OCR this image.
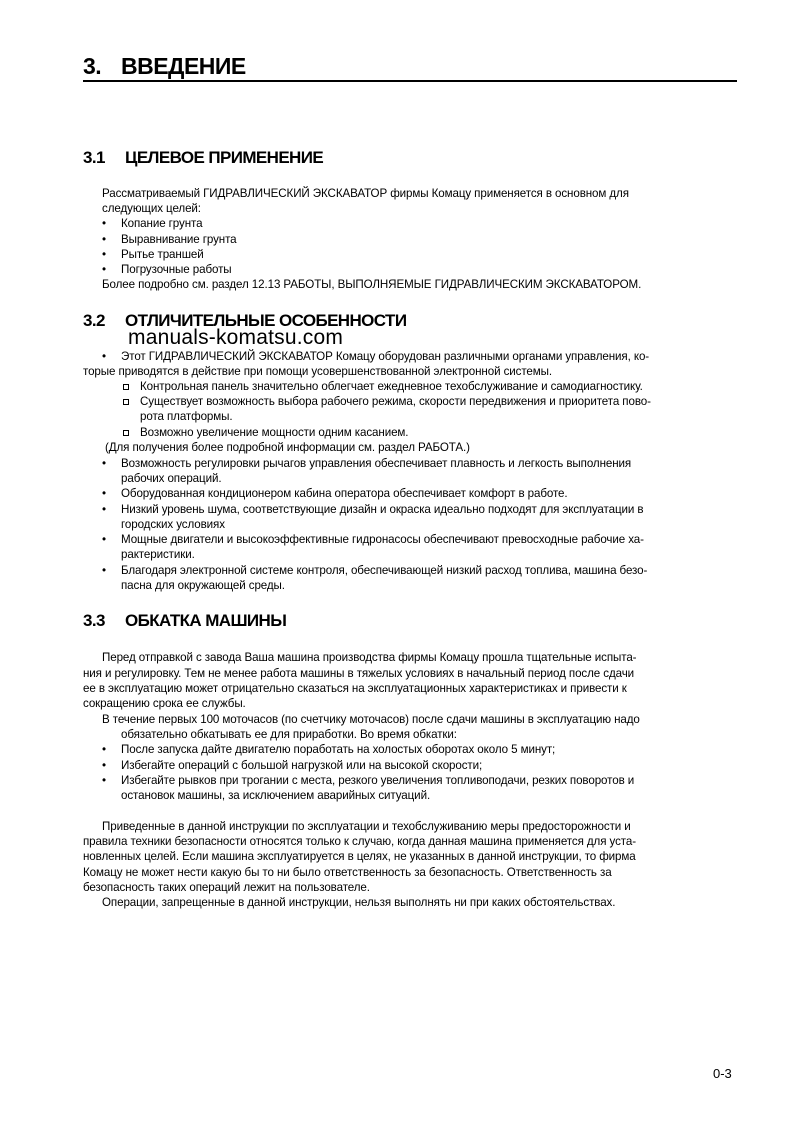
3. ВВЕДЕНИЕ
3.1 ЦЕЛЕВОЕ ПРИМЕНЕНИЕ
Рассматриваемый ГИДРАВЛИЧЕСКИЙ ЭКСКАВАТОР фирмы Комацу применяется в основном для
следующих целей:
• Копание грунта
• Выравнивание грунта
• Рытье траншей
• Погрузочные работы
Более подробно см. раздел 12.13 РАБОТЫ, ВЫПОЛНЯЕМЫЕ ГИДРАВЛИЧЕСКИМ ЭКСКАВАТОРОМ.
3.2 ОТЛИЧИТЕЛЬНЫЕ ОСОБЕННОСТИ
manuals-komatsu.com
• Этот ГИДРАВЛИЧЕСКИЙ ЭКСКАВАТОР Комацу оборудован различными органами управления, ко-
торые приводятся в действие при помощи усовершенствованной электронной системы.
Контрольная панель значительно облегчает ежедневное техобслуживание и самодиагностику.
Существует возможность выбора рабочего режима, скорости передвижения и приоритета пово-
рота платформы.
Возможно увеличение мощности одним касанием.
(Для получения более подробной информации см. раздел РАБОТА.)
• Возможность регулировки рычагов управления обеспечивает плавность и легкость выполнения
рабочих операций.
• Оборудованная кондиционером кабина оператора обеспечивает комфорт в работе.
• Низкий уровень шума, соответствующие дизайн и окраска идеально подходят для эксплуатации в
городских условиях
• Мощные двигатели и высокоэффективные гидронасосы обеспечивают превосходные рабочие ха-
рактеристики.
• Благодаря электронной системе контроля, обеспечивающей низкий расход топлива, машина безо-
пасна для окружающей среды.
3.3 ОБКАТКА МАШИНЫ
Перед отправкой с завода Ваша машина производства фирмы Комацу прошла тщательные испыта-
ния и регулировку. Тем не менее работа машины в тяжелых условиях в начальный период после сдачи
ее в эксплуатацию может отрицательно сказаться на эксплуатационных характеристиках и привести к
сокращению срока ее службы.
В течение первых 100 моточасов (по счетчику моточасов) после сдачи машины в эксплуатацию надо
обязательно обкатывать ее для приработки. Во время обкатки:
• После запуска дайте двигателю поработать на холостых оборотах около 5 минут;
• Избегайте операций с большой нагрузкой или на высокой скорости;
• Избегайте рывков при трогании с места, резкого увеличения топливоподачи, резких поворотов и
остановок машины, за исключением аварийных ситуаций.
Приведенные в данной инструкции по эксплуатации и техобслуживанию меры предосторожности и
правила техники безопасности относятся только к случаю, когда данная машина применяется для уста-
новленных целей. Если машина эксплуатируется в целях, не указанных в данной инструкции, то фирма
Комацу не может нести какую бы то ни было ответственность за безопасность. Ответственность за
безопасность таких операций лежит на пользователе.
Операции, запрещенные в данной инструкции, нельзя выполнять ни при каких обстоятельствах.
0-3
